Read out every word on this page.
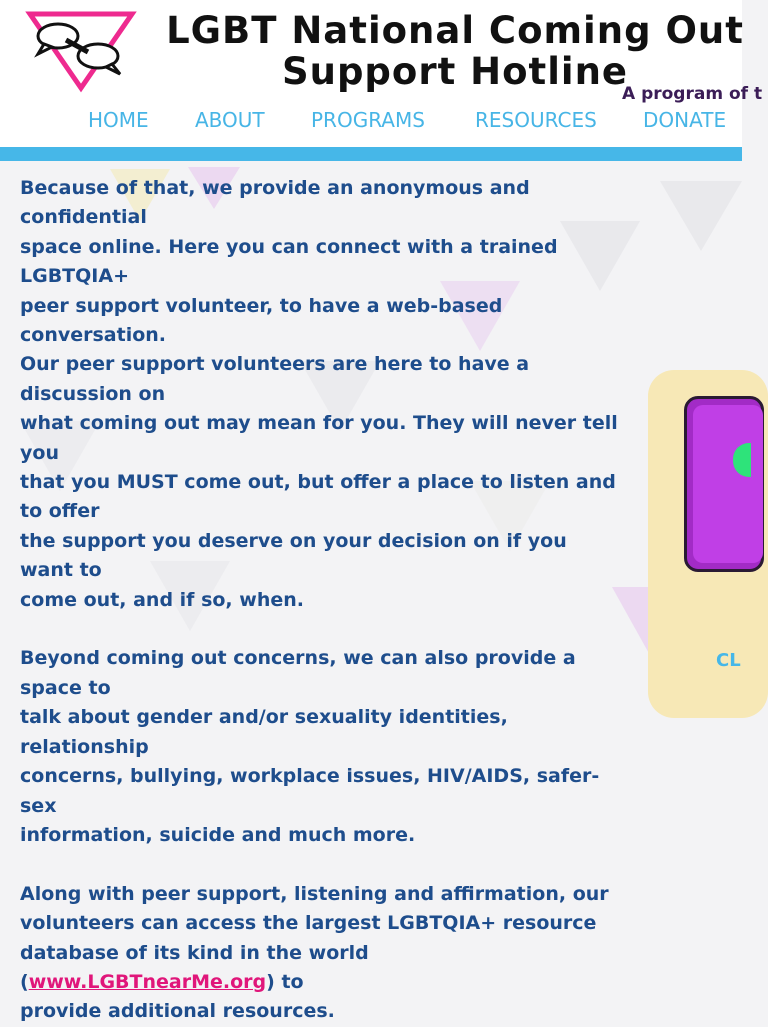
LGBT National Coming Out
Support Hotline
A program of t
HOME ABOUT PROGRAMS	RESOURCES DONATE

Because of that, we provide an anonymous and confidential
space online. Here you can connect with a trained LGBTQIA+
peer support volunteer, to have a web-based conversation.
Our peer support volunteers are here to have a discussion on
what coming out may mean for you. They will never tell you
that you MUST come out, but offer a place to listen and to offer
the support you deserve on your decision on if you want to
come out, and if so, when.

Beyond coming out concerns, we can also provide a space to
talk about gender and/or sexuality identities, relationship
concerns, bullying, workplace issues, HIV/AIDS, safer-sex
information, suicide and much more.

Along with peer support, listening and affirmation, our
volunteers can access the largest LGBTQIA+ resource
database of its kind in the world (www.LGBTnearMe.org) to
provide additional resources.

CL
